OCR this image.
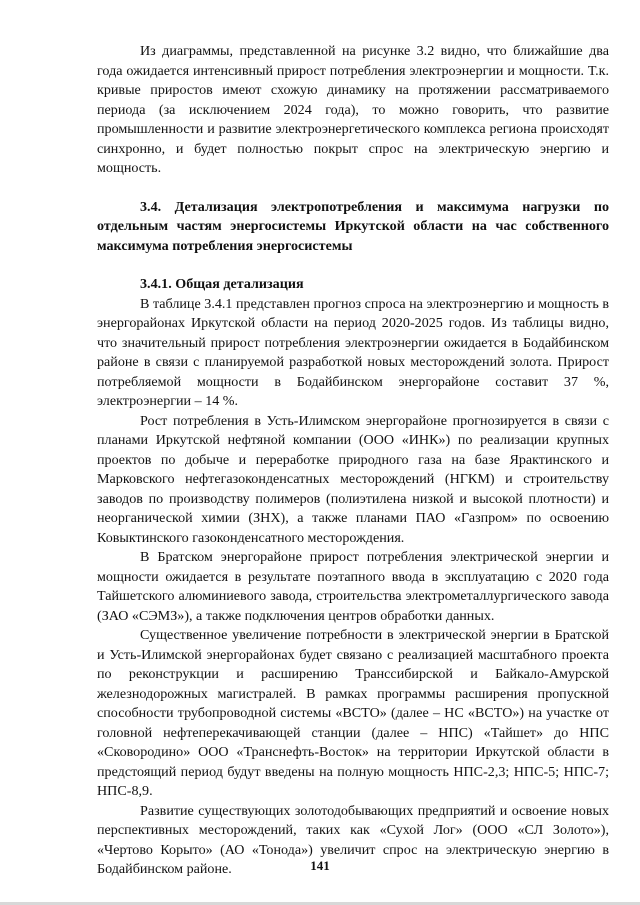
Из диаграммы, представленной на рисунке 3.2 видно, что ближайшие два года ожидается интенсивный прирост потребления электроэнергии и мощности. Т.к. кривые приростов имеют схожую динамику на протяжении рассматриваемого периода (за исключением 2024 года), то можно говорить, что развитие промышленности и развитие электроэнергетического комплекса региона происходят синхронно, и будет полностью покрыт спрос на электрическую энергию и мощность.

3.4. Детализация электропотребления и максимума нагрузки по отдельным частям энергосистемы Иркутской области на час собственного максимума потребления энергосистемы

3.4.1. Общая детализация

В таблице 3.4.1 представлен прогноз спроса на электроэнергию и мощность в энергорайонах Иркутской области на период 2020-2025 годов. Из таблицы видно, что значительный прирост потребления электроэнергии ожидается в Бодайбинском районе в связи с планируемой разработкой новых месторождений золота. Прирост потребляемой мощности в Бодайбинском энергорайоне составит 37 %, электроэнергии – 14 %.

Рост потребления в Усть-Илимском энергорайоне прогнозируется в связи с планами Иркутской нефтяной компании (ООО «ИНК») по реализации крупных проектов по добыче и переработке природного газа на базе Ярактинского и Марковского нефтегазоконденсатных месторождений (НГКМ) и строительству заводов по производству полимеров (полиэтилена низкой и высокой плотности) и неорганической химии (ЗНХ), а также планами ПАО «Газпром» по освоению Ковыктинского газоконденсатного месторождения.

В Братском энергорайоне прирост потребления электрической энергии и мощности ожидается в результате поэтапного ввода в эксплуатацию с 2020 года Тайшетского алюминиевого завода, строительства электрометаллургического завода (ЗАО «СЭМЗ»), а также подключения центров обработки данных.

Существенное увеличение потребности в электрической энергии в Братской и Усть-Илимской энергорайонах будет связано с реализацией масштабного проекта по реконструкции и расширению Транссибирской и Байкало-Амурской железнодорожных магистралей. В рамках программы расширения пропускной способности трубопроводной системы «ВСТО» (далее – НС «ВСТО») на участке от головной нефтеперекачивающей станции (далее – НПС) «Тайшет» до НПС «Сковородино» ООО «Транснефть-Восток» на территории Иркутской области в предстоящий период будут введены на полную мощность НПС-2,3; НПС-5; НПС-7; НПС-8,9.

Развитие существующих золотодобывающих предприятий и освоение новых перспективных месторождений, таких как «Сухой Лог» (ООО «СЛ Золото»), «Чертово Корыто» (АО «Тонода») увеличит спрос на электрическую энергию в Бодайбинском районе.	141
